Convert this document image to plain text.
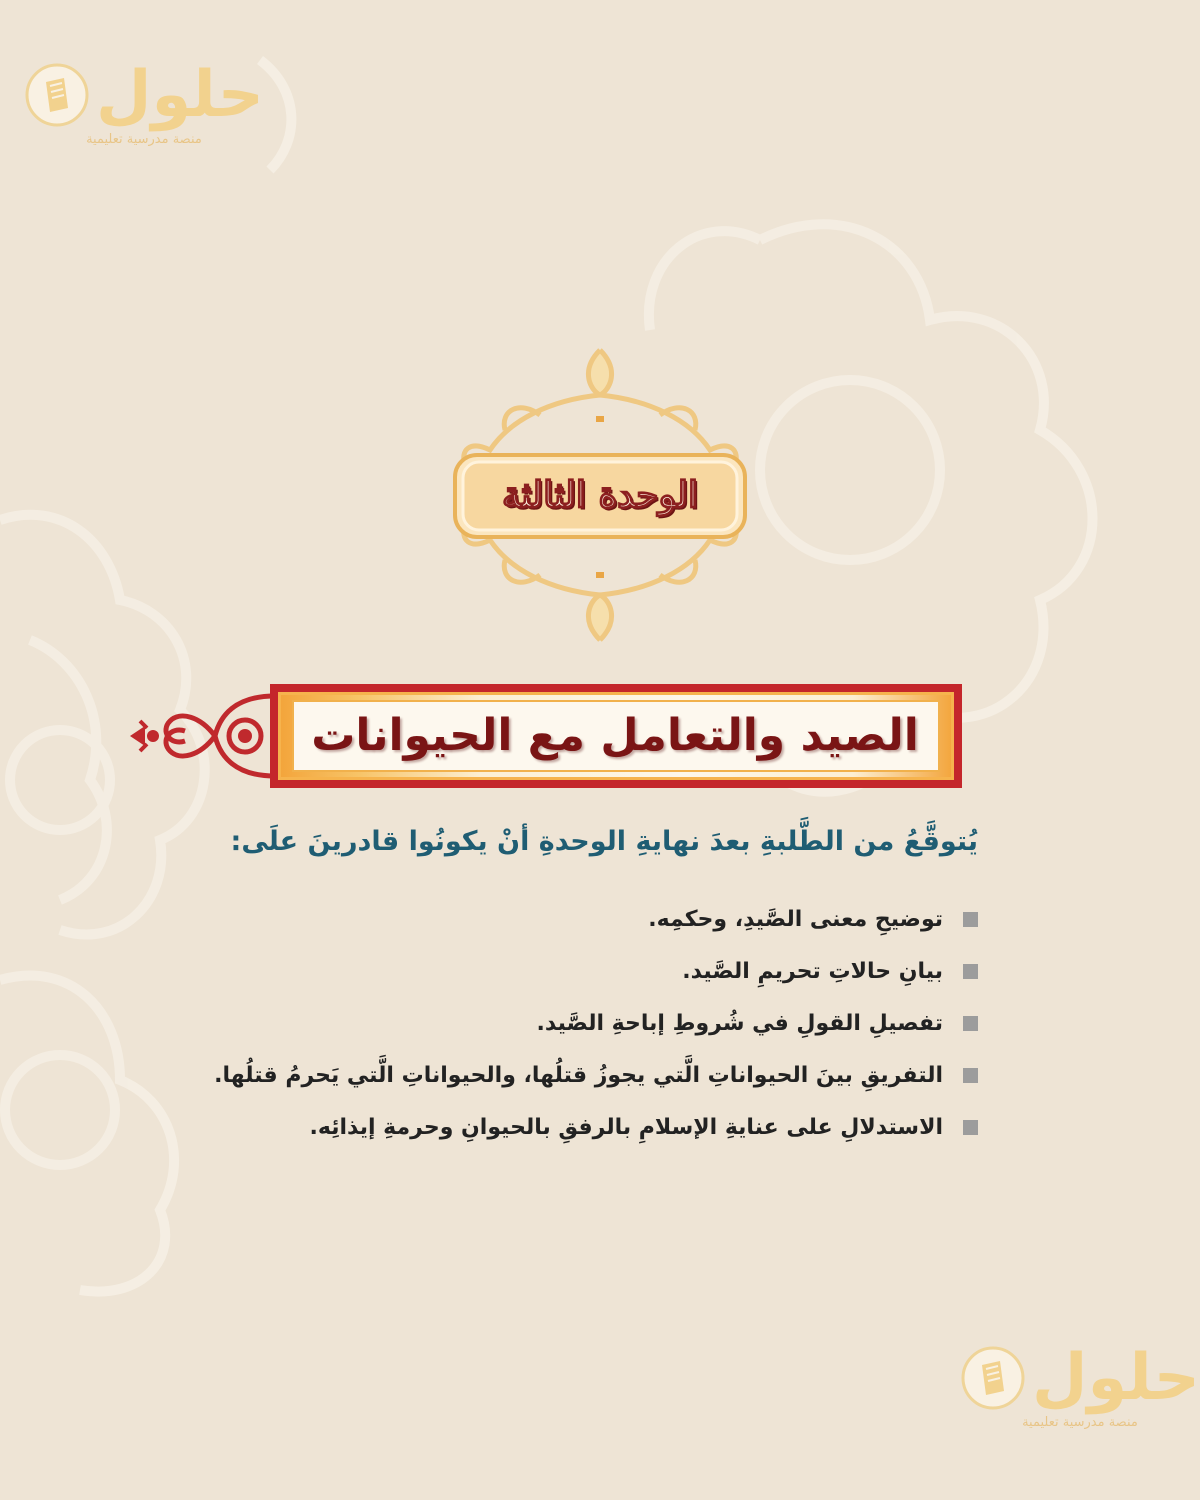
حلول
منصة مدرسية تعليمية
الوحدة الثالثة
الصيد والتعامل مع الحيوانات
يُتوقَّعُ من الطَّلبةِ بعدَ نهايةِ الوحدةِ أنْ يكونُوا قادرينَ علَى:
توضيحِ معنى الصَّيدِ، وحكمِه.
بيانِ حالاتِ تحريمِ الصَّيد.
تفصيلِ القولِ في شُروطِ إباحةِ الصَّيد.
التفريقِ بينَ الحيواناتِ الَّتي يجوزُ قتلُها، والحيواناتِ الَّتي يَحرمُ قتلُها.
الاستدلالِ على عنايةِ الإسلامِ بالرفقِ بالحيوانِ وحرمةِ إيذائِه.
حلول
منصة مدرسية تعليمية
